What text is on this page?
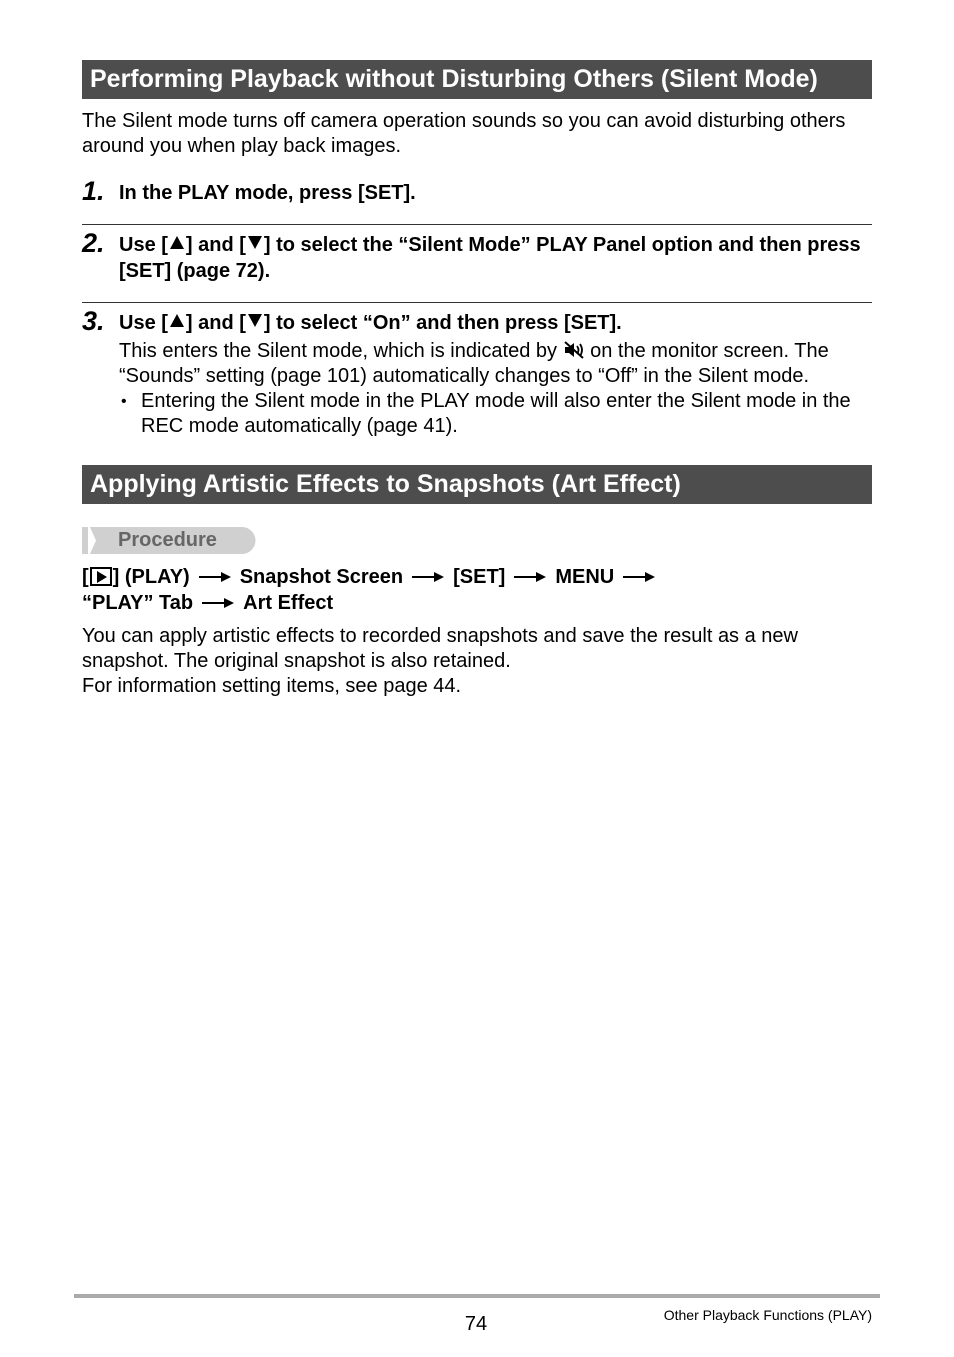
Performing Playback without Disturbing Others (Silent Mode)
The Silent mode turns off camera operation sounds so you can avoid disturbing others around you when play back images.
1. In the PLAY mode, press [SET].
2. Use [ ] and [ ] to select the “Silent Mode” PLAY Panel option and then press [SET] (page 72).
3. Use [ ] and [ ] to select “On” and then press [SET].
This enters the Silent mode, which is indicated by  on the monitor screen. The “Sounds” setting (page 101) automatically changes to “Off” in the Silent mode.
• Entering the Silent mode in the PLAY mode will also enter the Silent mode in the REC mode automatically (page 41).
Applying Artistic Effects to Snapshots (Art Effect)
Procedure
[ ] (PLAY)	Snapshot Screen	[SET]	MENU
“PLAY” Tab	Art Effect
You can apply artistic effects to recorded snapshots and save the result as a new snapshot. The original snapshot is also retained.
For information setting items, see page 44.
74	Other Playback Functions (PLAY)
